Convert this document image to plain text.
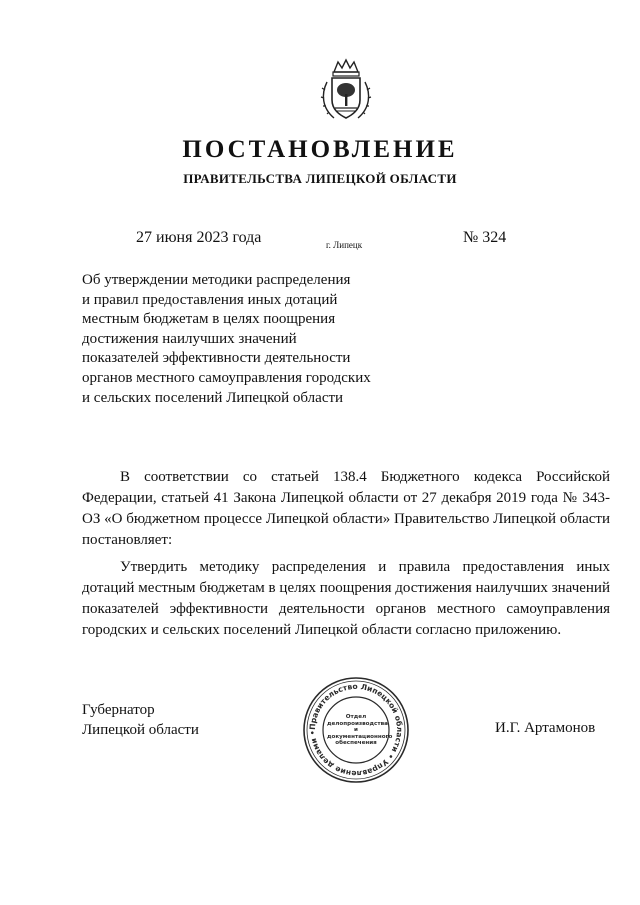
ПОСТАНОВЛЕНИЕ
ПРАВИТЕЛЬСТВА ЛИПЕЦКОЙ ОБЛАСТИ
27 июня 2023 года	г. Липецк	№ 324
Об утверждении методики распределения
и правил предоставления иных дотаций
местным бюджетам в целях поощрения
достижения наилучших значений
показателей эффективности деятельности
органов местного самоуправления городских
и сельских поселений Липецкой области

В соответствии со статьей 138.4 Бюджетного кодекса Российской Федерации, статьей 41 Закона Липецкой области от 27 декабря 2019 года № 343-ОЗ «О бюджетном процессе Липецкой области» Правительство Липецкой области постановляет:

Утвердить методику распределения и правила предоставления иных дотаций местным бюджетам в целях поощрения достижения наилучших значений показателей эффективности деятельности органов местного самоуправления городских и сельских поселений Липецкой области согласно приложению.

Губернатор
Липецкой области	Правительство Липецкой области • Управление делами •
Отдел делопроизводства и документационного обеспечения
И.Г. Артамонов
